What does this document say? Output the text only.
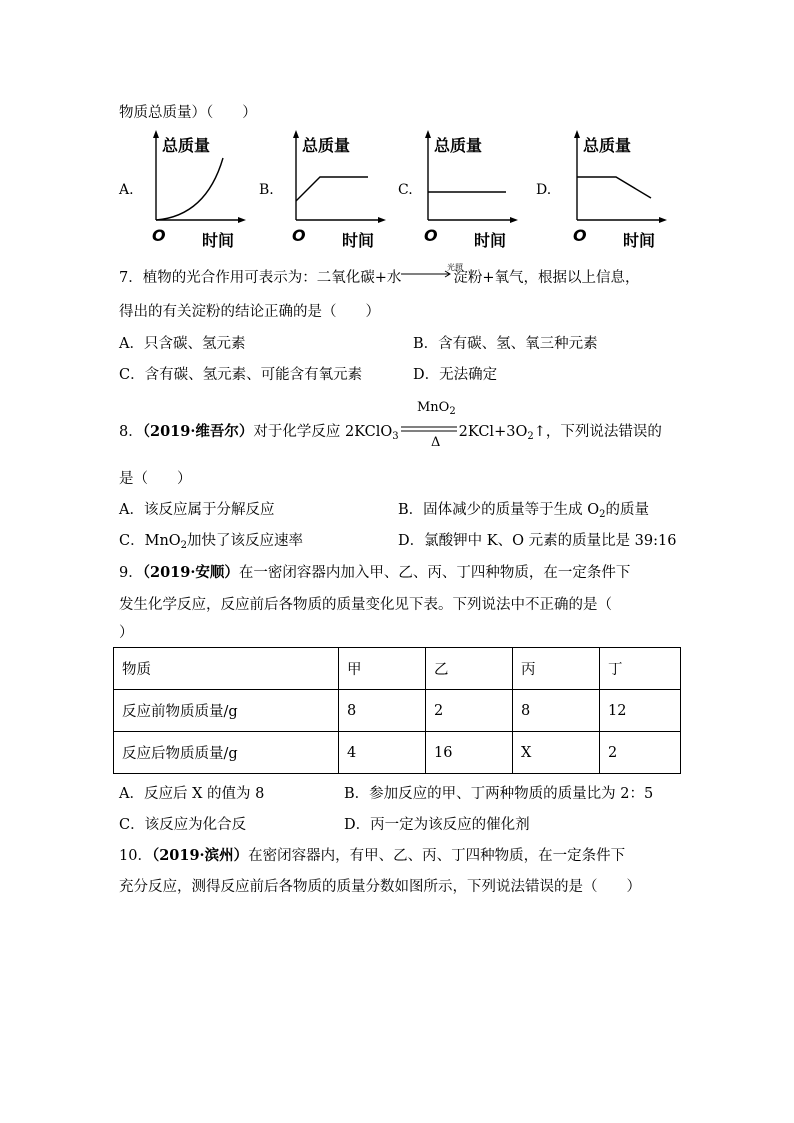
物质总质量）（　　）
A.
总质量
O 时间
B.
总质量
O 时间
C.
总质量
O 时间
D.
总质量
O 时间
7．植物的光合作用可表示为：二氧化碳+水→淀粉+氧气，根据以上信息，
光照
得出的有关淀粉的结论正确的是（　　）
A．只含碳、氢元素	B．含有碳、氢、氧三种元素
C．含有碳、氢元素、可能含有氧元素	D．无法确定
8．（2019·维吾尔）对于化学反应 2KClO$_3$	$2KCl+3O_2↑$，下列说法错误的
MnO$_2$
Δ
是（　　）
A．该反应属于分解反应	B．固体减少的质量等于生成 $O_2$的质量
C．MnO$_2$加快了该反应速率	D．氯酸钾中 K、O 元素的质量比是 39:16
9．（2019·安顺）在一密闭容器内加入甲、乙、丙、丁四种物质，在一定条件下
发生化学反应，反应前后各物质的质量变化见下表。下列说法中不正确的是（
）
物质	甲	乙	丙	丁
反应前物质质量/g	8	2	8	12
反应后物质质量/g	4	16	X	2
A．反应后 X 的值为 8	B．参加反应的甲、丁两种物质的质量比为 2：5
C．该反应为化合反	D．丙一定为该反应的催化剂
10．（2019·滨州）在密闭容器内，有甲、乙、丙、丁四种物质，在一定条件下
充分反应，测得反应前后各物质的质量分数如图所示，下列说法错误的是（　　）
